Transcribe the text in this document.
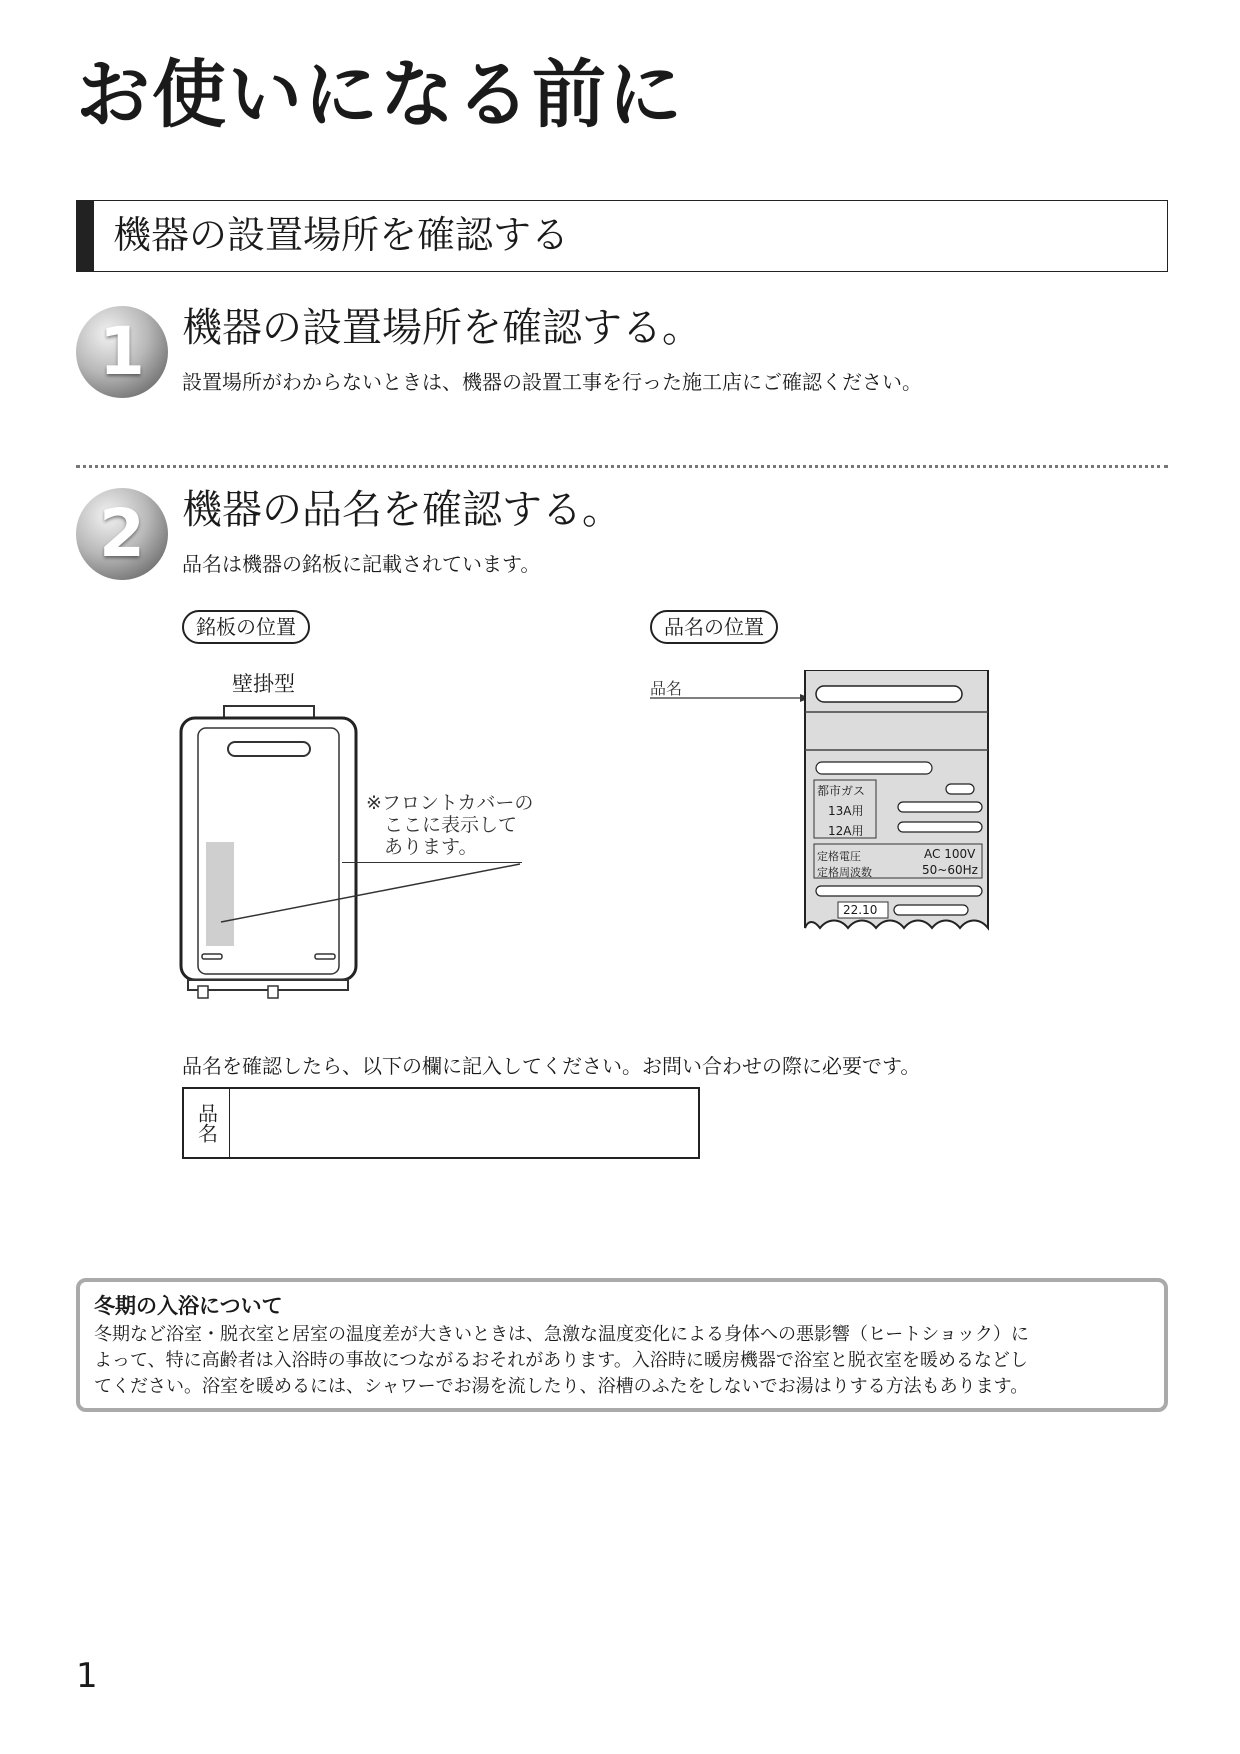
お使いになる前に
機器の設置場所を確認する
1 機器の設置場所を確認する。
設置場所がわからないときは、機器の設置工事を行った施工店にご確認ください。
2 機器の品名を確認する。
品名は機器の銘板に記載されています。
銘板の位置
壁掛型
※フロントカバーの
ここに表示して
あります。
品名の位置
品名
都市ガス
13A用
12A用
定格電圧	AC 100V
定格周波数	50~60Hz
22.10
品名を確認したら、以下の欄に記入してください。お問い合わせの際に必要です。
品名
冬期の入浴について
冬期など浴室・脱衣室と居室の温度差が大きいときは、急激な温度変化による身体への悪影響（ヒートショック）に
よって、特に高齢者は入浴時の事故につながるおそれがあります。入浴時に暖房機器で浴室と脱衣室を暖めるなどし
てください。浴室を暖めるには、シャワーでお湯を流したり、浴槽のふたをしないでお湯はりする方法もあります。
1
